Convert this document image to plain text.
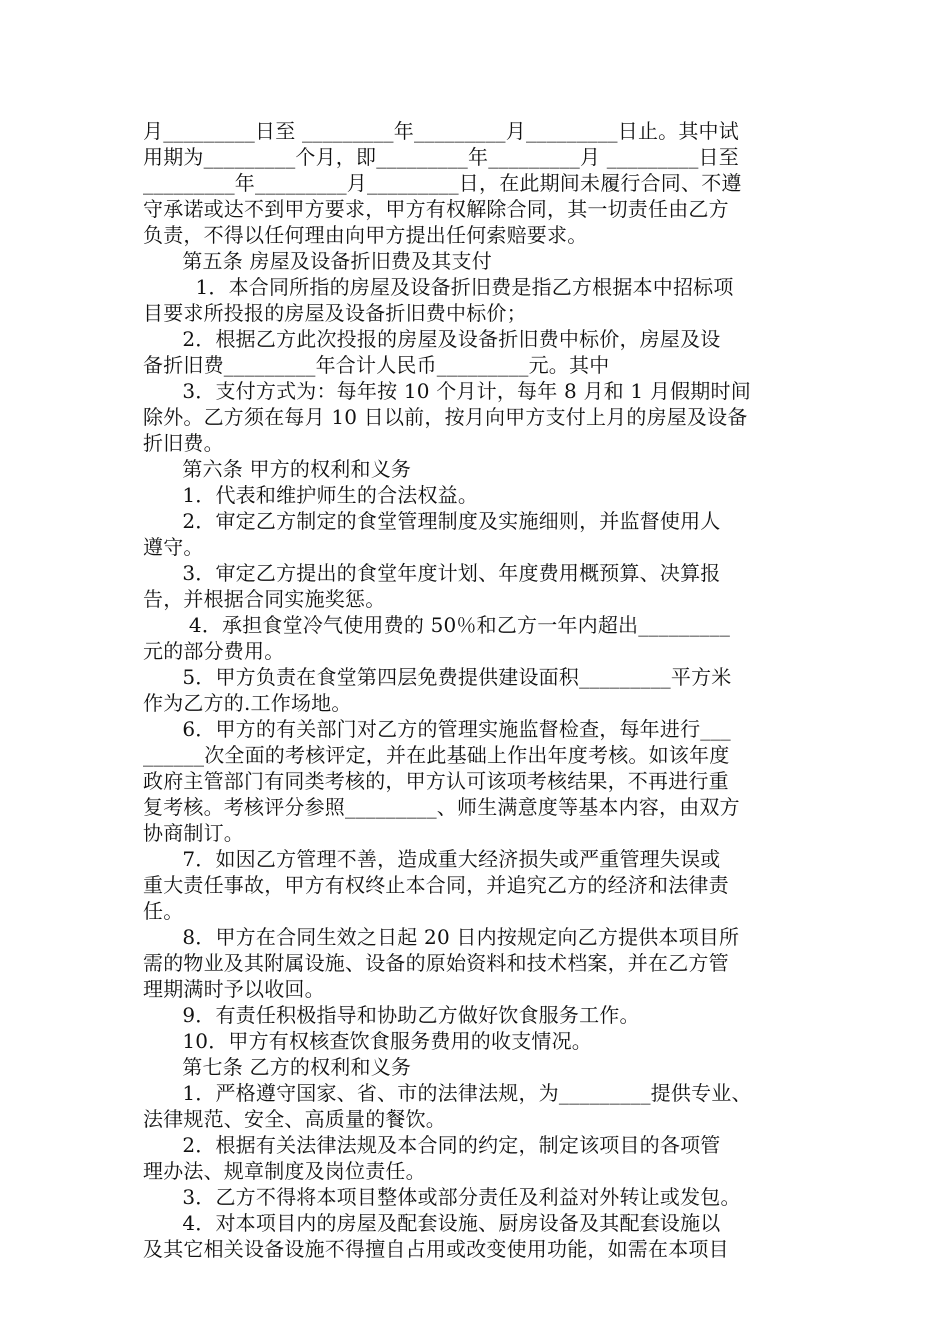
月_________日至 _________年_________月_________日止。其中试
用期为_________个月，即_________年_________月 _________日至
_________年_________月_________日，在此期间未履行合同、不遵
守承诺或达不到甲方要求，甲方有权解除合同，其一切责任由乙方
负责，不得以任何理由向甲方提出任何索赔要求。
第五条 房屋及设备折旧费及其支付
1．本合同所指的房屋及设备折旧费是指乙方根据本中招标项
目要求所投报的房屋及设备折旧费中标价；
2．根据乙方此次投报的房屋及设备折旧费中标价，房屋及设
备折旧费_________年合计人民币_________元。其中
3．支付方式为：每年按 10 个月计，每年 8 月和 1 月假期时间
除外。乙方须在每月 10 日以前，按月向甲方支付上月的房屋及设备
折旧费。
第六条 甲方的权利和义务
1．代表和维护师生的合法权益。
2．审定乙方制定的食堂管理制度及实施细则，并监督使用人
遵守。
3．审定乙方提出的食堂年度计划、年度费用概预算、决算报
告，并根据合同实施奖惩。
4．承担食堂冷气使用费的 50％和乙方一年内超出_________
元的部分费用。
5．甲方负责在食堂第四层免费提供建设面积_________平方米
作为乙方的.工作场地。
6．甲方的有关部门对乙方的管理实施监督检查，每年进行___
______次全面的考核评定，并在此基础上作出年度考核。如该年度
政府主管部门有同类考核的，甲方认可该项考核结果，不再进行重
复考核。考核评分参照_________、师生满意度等基本内容，由双方
协商制订。
7．如因乙方管理不善，造成重大经济损失或严重管理失误或
重大责任事故，甲方有权终止本合同，并追究乙方的经济和法律责
任。
8．甲方在合同生效之日起 20 日内按规定向乙方提供本项目所
需的物业及其附属设施、设备的原始资料和技术档案，并在乙方管
理期满时予以收回。
9．有责任积极指导和协助乙方做好饮食服务工作。
10．甲方有权核查饮食服务费用的收支情况。
第七条 乙方的权利和义务
1．严格遵守国家、省、市的法律法规，为_________提供专业、
法律规范、安全、高质量的餐饮。
2．根据有关法律法规及本合同的约定，制定该项目的各项管
理办法、规章制度及岗位责任。
3．乙方不得将本项目整体或部分责任及利益对外转让或发包。
4．对本项目内的房屋及配套设施、厨房设备及其配套设施以
及其它相关设备设施不得擅自占用或改变使用功能，如需在本项目
